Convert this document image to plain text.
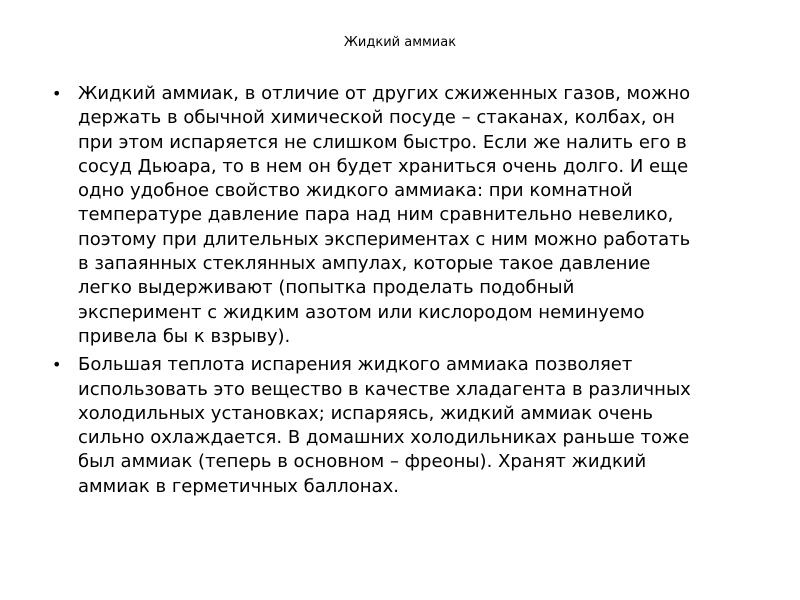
Жидкий аммиак
• Жидкий аммиак, в отличие от других сжиженных газов, можно
держать в обычной химической посуде – стаканах, колбах, он
при этом испаряется не слишком быстро. Если же налить его в
сосуд Дьюара, то в нем он будет храниться очень долго. И еще
одно удобное свойство жидкого аммиака: при комнатной
температуре давление пара над ним сравнительно невелико,
поэтому при длительных экспериментах с ним можно работать
в запаянных стеклянных ампулах, которые такое давление
легко выдерживают (попытка проделать подобный
эксперимент с жидким азотом или кислородом неминуемо
привела бы к взрыву).
• Большая теплота испарения жидкого аммиака позволяет
использовать это вещество в качестве хладагента в различных
холодильных установках; испаряясь, жидкий аммиак очень
сильно охлаждается. В домашних холодильниках раньше тоже
был аммиак (теперь в основном – фреоны). Хранят жидкий
аммиак в герметичных баллонах.
